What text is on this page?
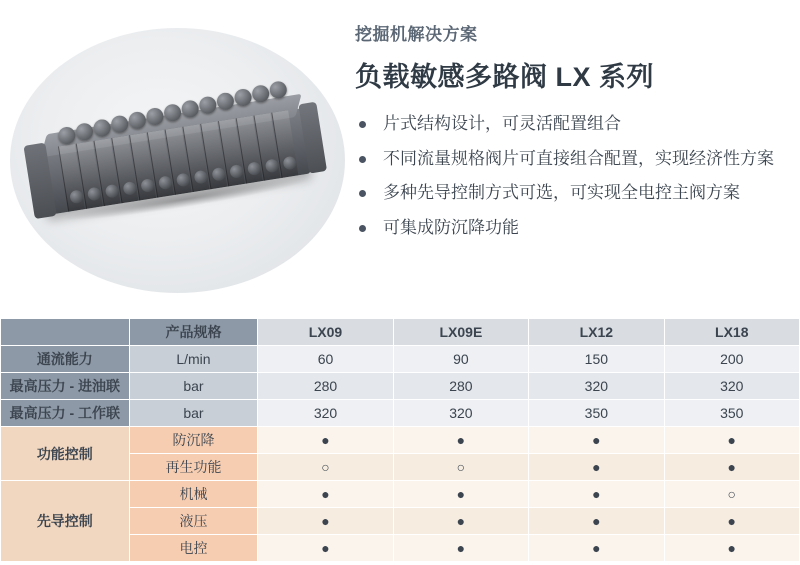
挖掘机解决方案
负载敏感多路阀 LX 系列
片式结构设计，可灵活配置组合
不同流量规格阀片可直接组合配置，实现经济性方案
多种先导控制方式可选，可实现全电控主阀方案
可集成防沉降功能
	产品规格	LX09	LX09E	LX12	LX18
通流能力	L/min	60	90	150	200
最高压力 - 进油联	bar	280	280	320	320
最高压力 - 工作联	bar	320	320	350	350
功能控制	防沉降	●	●	●	●
	再生功能	○	○	●	●
先导控制	机械	●	●	●	○
	液压	●	●	●	●
	电控	●	●	●	●
